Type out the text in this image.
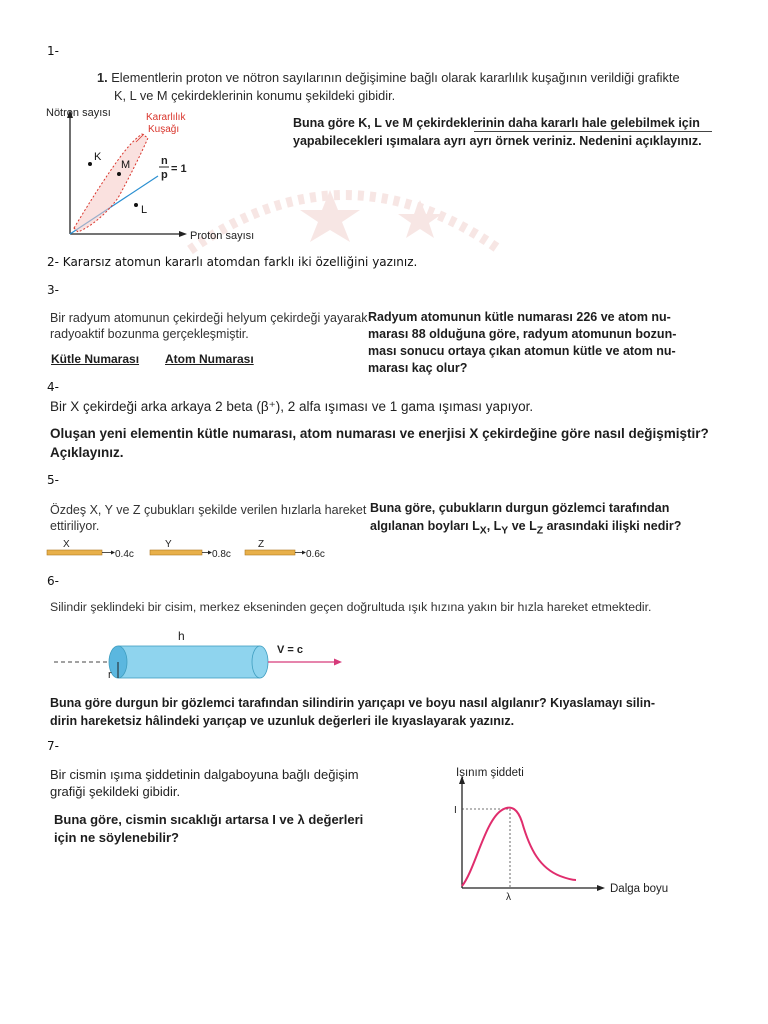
1-
1. Elementlerin proton ve nötron sayılarının değişimine bağlı olarak kararlılık kuşağının verildiği grafikte
K, L ve M çekirdeklerinin konumu şekildeki gibidir.
Buna göre K, L ve M çekirdeklerinin daha kararlı hale gelebilmek için
yapabilecekleri ışımalara ayrı ayrı örnek veriniz. Nedenini açıklayınız.
Nötron sayısı
Proton sayısı
Kararlılık
Kuşağı
K
M
L
n
p = 1
2- Kararsız atomun kararlı atomdan farklı iki özelliğini yazınız.
3-
Bir radyum atomunun çekirdeği helyum çekirdeği yayarak
radyoaktif bozunma gerçekleşmiştir.
Kütle Numarası Atom Numarası
Radyum atomunun kütle numarası 226 ve atom nu-
marası 88 olduğuna göre, radyum atomunun bozun-
ması sonucu ortaya çıkan atomun kütle ve atom nu-
marası kaç olur?
4-
Bir X çekirdeği arka arkaya 2 beta (β⁺), 2 alfa ışıması ve 1 gama ışıması yapıyor.
Oluşan yeni elementin kütle numarası, atom numarası ve enerjisi X çekirdeğine göre nasıl değişmiştir?
Açıklayınız.
5-
Özdeş X, Y ve Z çubukları şekilde verilen hızlarla hareket
ettiriliyor.
Buna göre, çubukların durgun gözlemci tarafından
algılanan boyları $L_X$, $L_Y$ ve $L_Z$ arasındaki ilişki nedir?
X
0.4c
Y
0.8c
Z
0.6c
6-
Silindir şeklindeki bir cisim, merkez ekseninden geçen doğrultuda ışık hızına yakın bir hızla hareket etmektedir.
h
r
V = c
Buna göre durgun bir gözlemci tarafından silindirin yarıçapı ve boyu nasıl algılanır? Kıyaslamayı silin-
dirin hareketsiz hâlindeki yarıçap ve uzunluk değerleri ile kıyaslayarak yazınız.
7-
Bir cismin ışıma şiddetinin dalgaboyuna bağlı değişim
grafiği şekildeki gibidir.
Buna göre, cismin sıcaklığı artarsa I ve λ değerleri
için ne söylenebilir?
Işınım şiddeti
Dalga boyu
I
λ
